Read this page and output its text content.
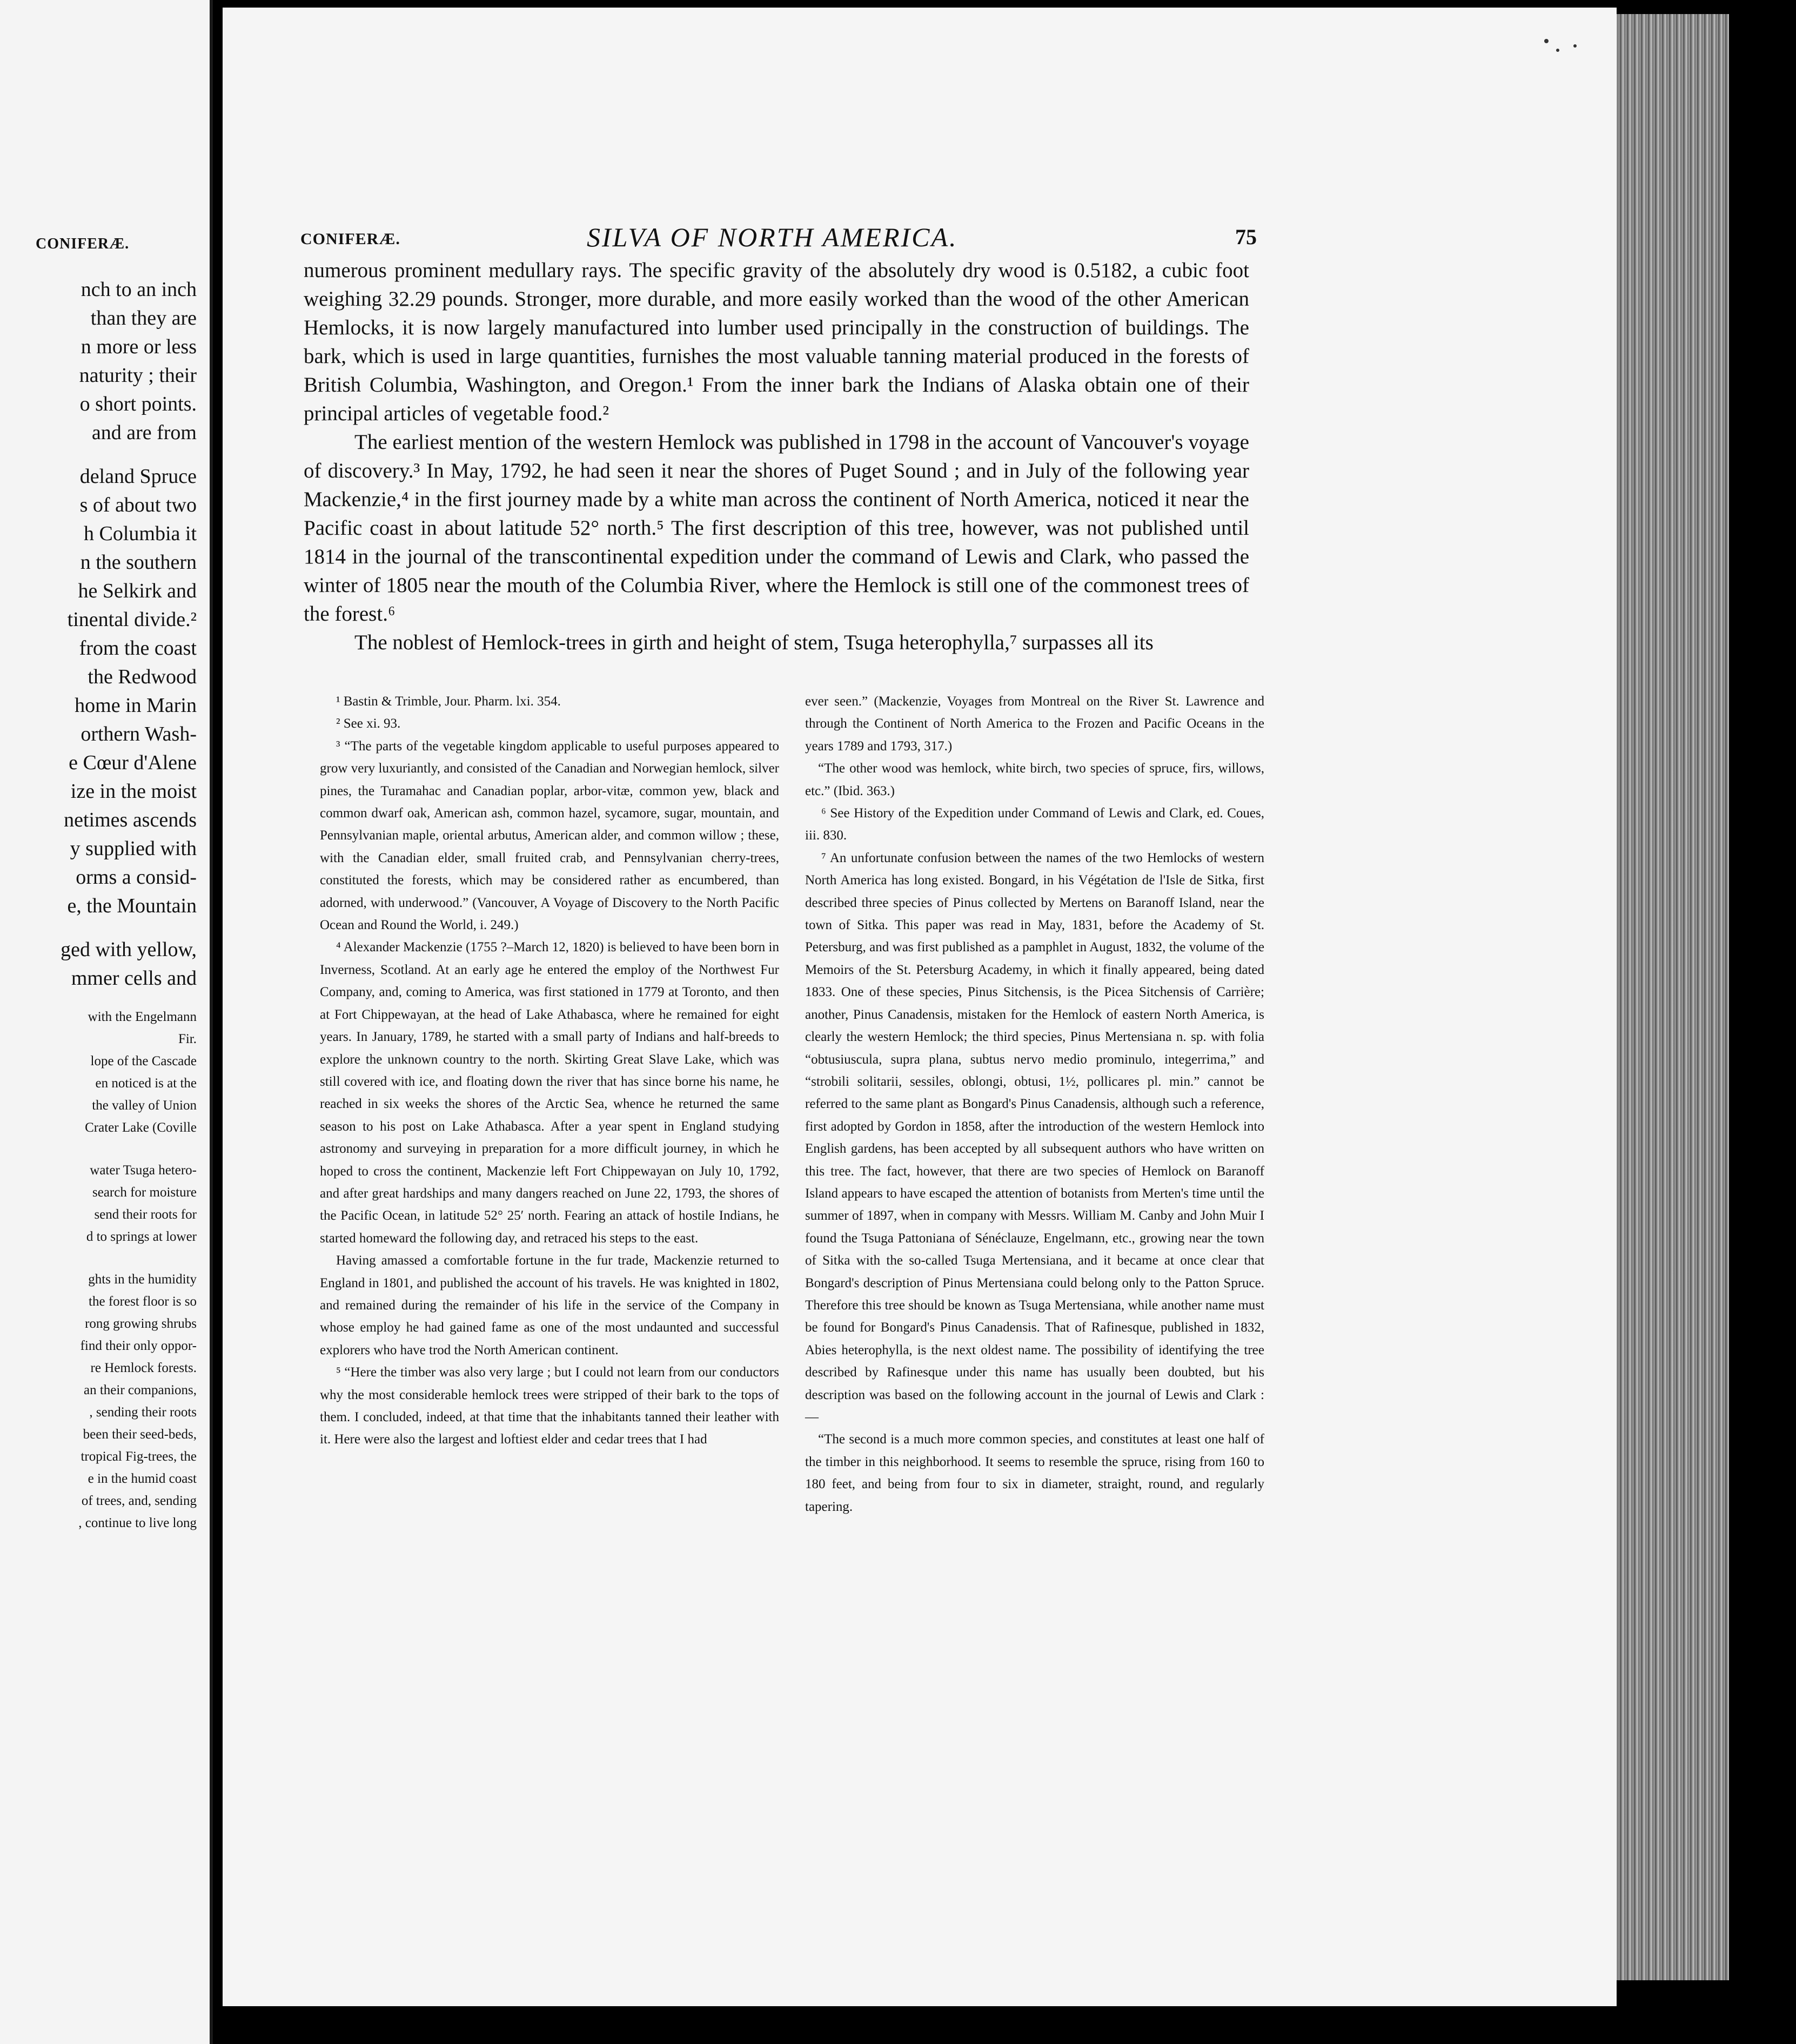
CONIFERÆ.
nch to an inch
than they are
n more or less
naturity ; their
o short points.
and are from
deland Spruce
s of about two
h Columbia it
n the southern
he Selkirk and
tinental divide.²
from the coast
the Redwood
home in Marin
orthern Wash-
e Cœur d'Alene
ize in the moist
netimes ascends
y supplied with
orms a consid-
e, the Mountain
ged with yellow,
mmer cells and
with the Engelmann
Fir.
lope of the Cascade
en noticed is at the
the valley of Union
Crater Lake (Coville
water Tsuga hetero-
search for moisture
send their roots for
d to springs at lower
ghts in the humidity
the forest floor is so
rong growing shrubs
find their only oppor-
re Hemlock forests.
an their companions,
, sending their roots
been their seed-beds,
tropical Fig-trees, the
e in the humid coast
of trees, and, sending
, continue to live long
CONIFERÆ.	SILVA OF NORTH AMERICA.	75

numerous prominent medullary rays. The specific gravity of the absolutely dry wood is 0.5182, a cubic foot weighing 32.29 pounds. Stronger, more durable, and more easily worked than the wood of the other American Hemlocks, it is now largely manufactured into lumber used principally in the construction of buildings. The bark, which is used in large quantities, furnishes the most valuable tanning material produced in the forests of British Columbia, Washington, and Oregon.¹ From the inner bark the Indians of Alaska obtain one of their principal articles of vegetable food.²

The earliest mention of the western Hemlock was published in 1798 in the account of Vancouver's voyage of discovery.³ In May, 1792, he had seen it near the shores of Puget Sound ; and in July of the following year Mackenzie,⁴ in the first journey made by a white man across the continent of North America, noticed it near the Pacific coast in about latitude 52° north.⁵ The first description of this tree, however, was not published until 1814 in the journal of the transcontinental expedition under the command of Lewis and Clark, who passed the winter of 1805 near the mouth of the Columbia River, where the Hemlock is still one of the commonest trees of the forest.⁶

The noblest of Hemlock-trees in girth and height of stem, Tsuga heterophylla,⁷ surpasses all its

¹ Bastin & Trimble, Jour. Pharm. lxi. 354.

² See xi. 93.

³ “The parts of the vegetable kingdom applicable to useful purposes appeared to grow very luxuriantly, and consisted of the Canadian and Norwegian hemlock, silver pines, the Turamahac and Canadian poplar, arbor-vitæ, common yew, black and common dwarf oak, American ash, common hazel, sycamore, sugar, mountain, and Pennsylvanian maple, oriental arbutus, American alder, and common willow ; these, with the Canadian elder, small fruited crab, and Pennsylvanian cherry-trees, constituted the forests, which may be considered rather as encumbered, than adorned, with underwood.” (Vancouver, A Voyage of Discovery to the North Pacific Ocean and Round the World, i. 249.)

⁴ Alexander Mackenzie (1755 ?–March 12, 1820) is believed to have been born in Inverness, Scotland. At an early age he entered the employ of the Northwest Fur Company, and, coming to America, was first stationed in 1779 at Toronto, and then at Fort Chippewayan, at the head of Lake Athabasca, where he remained for eight years. In January, 1789, he started with a small party of Indians and half-breeds to explore the unknown country to the north. Skirting Great Slave Lake, which was still covered with ice, and floating down the river that has since borne his name, he reached in six weeks the shores of the Arctic Sea, whence he returned the same season to his post on Lake Athabasca. After a year spent in England studying astronomy and surveying in preparation for a more difficult journey, in which he hoped to cross the continent, Mackenzie left Fort Chippewayan on July 10, 1792, and after great hardships and many dangers reached on June 22, 1793, the shores of the Pacific Ocean, in latitude 52° 25′ north. Fearing an attack of hostile Indians, he started homeward the following day, and retraced his steps to the east.

Having amassed a comfortable fortune in the fur trade, Mackenzie returned to England in 1801, and published the account of his travels. He was knighted in 1802, and remained during the remainder of his life in the service of the Company in whose employ he had gained fame as one of the most undaunted and successful explorers who have trod the North American continent.

⁵ “Here the timber was also very large ; but I could not learn from our conductors why the most considerable hemlock trees were stripped of their bark to the tops of them. I concluded, indeed, at that time that the inhabitants tanned their leather with it. Here were also the largest and loftiest elder and cedar trees that I had

ever seen.” (Mackenzie, Voyages from Montreal on the River St. Lawrence and through the Continent of North America to the Frozen and Pacific Oceans in the years 1789 and 1793, 317.)

“The other wood was hemlock, white birch, two species of spruce, firs, willows, etc.” (Ibid. 363.)

⁶ See History of the Expedition under Command of Lewis and Clark, ed. Coues, iii. 830.

⁷ An unfortunate confusion between the names of the two Hemlocks of western North America has long existed. Bongard, in his Végétation de l'Isle de Sitka, first described three species of Pinus collected by Mertens on Baranoff Island, near the town of Sitka. This paper was read in May, 1831, before the Academy of St. Petersburg, and was first published as a pamphlet in August, 1832, the volume of the Memoirs of the St. Petersburg Academy, in which it finally appeared, being dated 1833. One of these species, Pinus Sitchensis, is the Picea Sitchensis of Carrière; another, Pinus Canadensis, mistaken for the Hemlock of eastern North America, is clearly the western Hemlock; the third species, Pinus Mertensiana n. sp. with folia “obtusiuscula, supra plana, subtus nervo medio prominulo, integerrima,” and “strobili solitarii, sessiles, oblongi, obtusi, 1½, pollicares pl. min.” cannot be referred to the same plant as Bongard's Pinus Canadensis, although such a reference, first adopted by Gordon in 1858, after the introduction of the western Hemlock into English gardens, has been accepted by all subsequent authors who have written on this tree. The fact, however, that there are two species of Hemlock on Baranoff Island appears to have escaped the attention of botanists from Merten's time until the summer of 1897, when in company with Messrs. William M. Canby and John Muir I found the Tsuga Pattoniana of Sénéclauze, Engelmann, etc., growing near the town of Sitka with the so-called Tsuga Mertensiana, and it became at once clear that Bongard's description of Pinus Mertensiana could belong only to the Patton Spruce. Therefore this tree should be known as Tsuga Mertensiana, while another name must be found for Bongard's Pinus Canadensis. That of Rafinesque, published in 1832, Abies heterophylla, is the next oldest name. The possibility of identifying the tree described by Rafinesque under this name has usually been doubted, but his description was based on the following account in the journal of Lewis and Clark : —

“The second is a much more common species, and constitutes at least one half of the timber in this neighborhood. It seems to resemble the spruce, rising from 160 to 180 feet, and being from four to six in diameter, straight, round, and regularly tapering.
